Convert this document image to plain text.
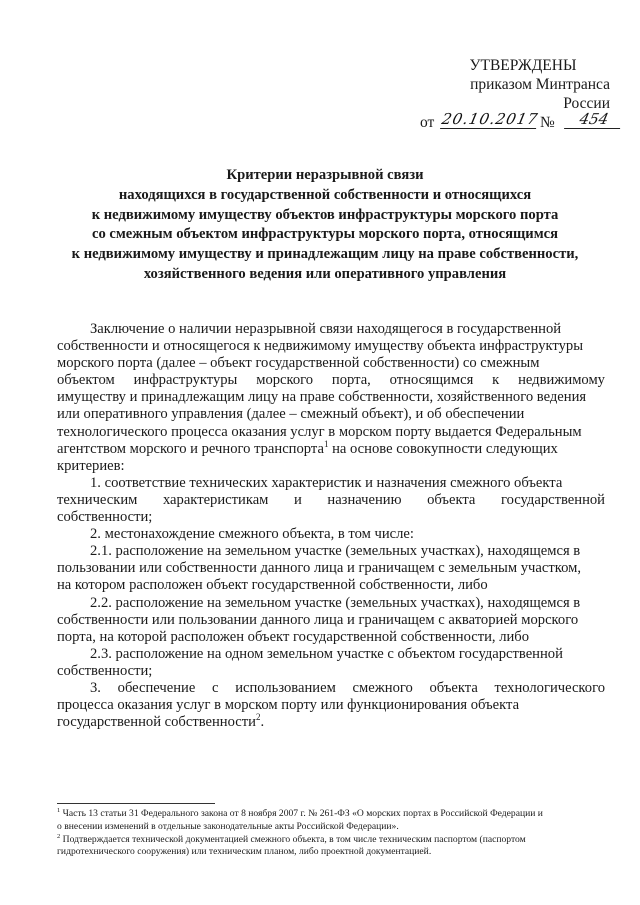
УТВЕРЖДЕНЫ
приказом Минтранса России
от 20.10.2017 №	454
Критерии неразрывной связи
находящихся в государственной собственности и относящихся
к недвижимому имуществу объектов инфраструктуры морского порта
со смежным объектом инфраструктуры морского порта, относящимся
к недвижимому имуществу и принадлежащим лицу на праве собственности,
хозяйственного ведения или оперативного управления
Заключение о наличии неразрывной связи находящегося в государственной
собственности и относящегося к недвижимому имуществу объекта инфраструктуры
морского порта (далее – объект государственной собственности) со смежным
объектом инфраструктуры морского порта, относящимся к недвижимому
имуществу и принадлежащим лицу на праве собственности, хозяйственного ведения
или оперативного управления (далее – смежный объект), и об обеспечении
технологического процесса оказания услуг в морском порту выдается Федеральным
агентством морского и речного транспорта$^1$ на основе совокупности следующих
критериев:
1. соответствие технических характеристик и назначения смежного объекта
техническим характеристикам и назначению объекта государственной
собственности;
2. местонахождение смежного объекта, в том числе:
2.1. расположение на земельном участке (земельных участках), находящемся в
пользовании или собственности данного лица и граничащем с земельным участком,
на котором расположен объект государственной собственности, либо
2.2. расположение на земельном участке (земельных участках), находящемся в
собственности или пользовании данного лица и граничащем с акваторией морского
порта, на которой расположен объект государственной собственности, либо
2.3. расположение на одном земельном участке с объектом государственной
собственности;
3. обеспечение с использованием смежного объекта технологического
процесса оказания услуг в морском порту или функционирования объекта
государственной собственности$^2$.
$^1$ Часть 13 статьи 31 Федерального закона от 8 ноября 2007 г. № 261-ФЗ «О морских портах в Российской Федерации и
о внесении изменений в отдельные законодательные акты Российской Федерации».
$^2$ Подтверждается технической документацией смежного объекта, в том числе техническим паспортом (паспортом
гидротехнического сооружения) или техническим планом, либо проектной документацией.
